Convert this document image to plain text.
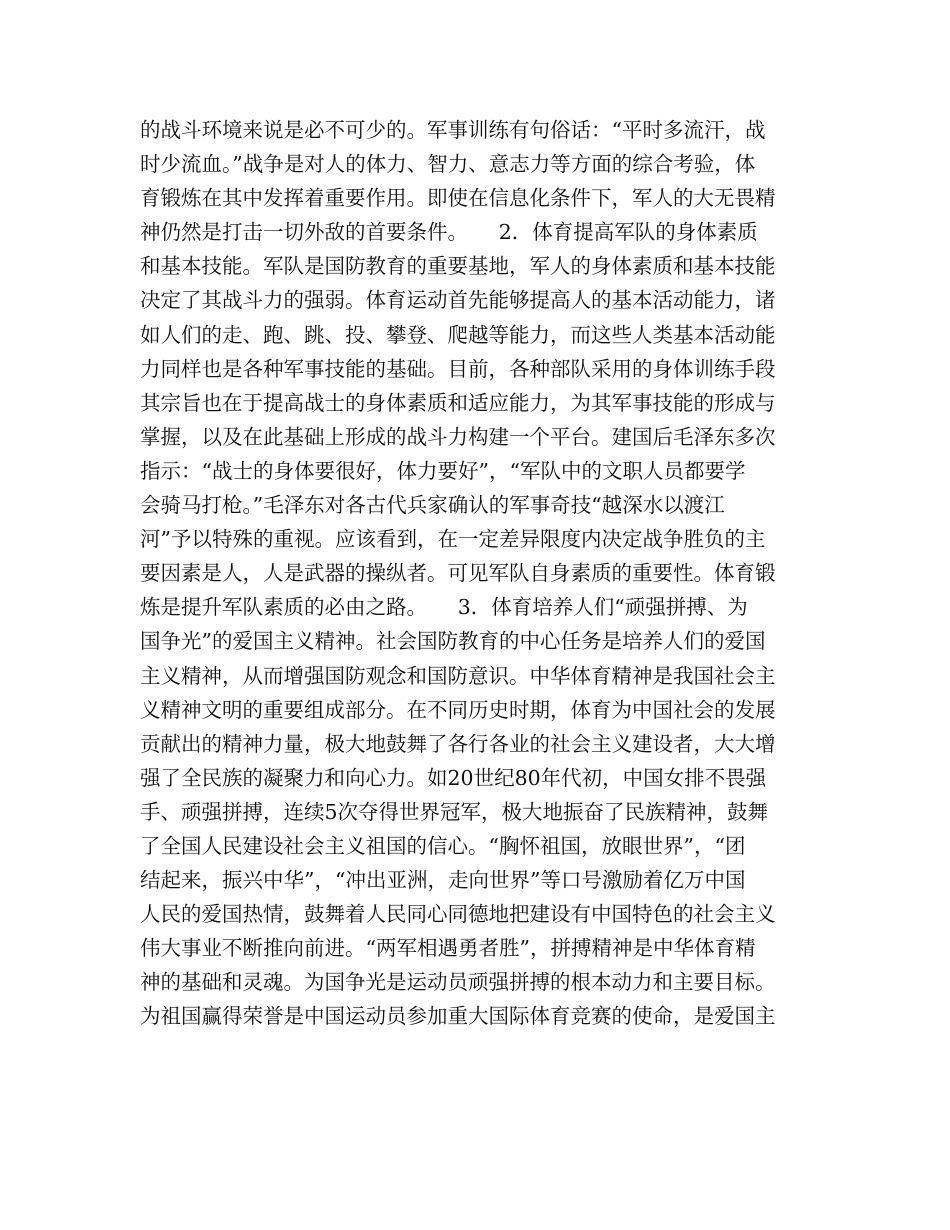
的战斗环境来说是必不可少的。军事训练有句俗话：“平时多流汗，战
时少流血。”战争是对人的体力、智力、意志力等方面的综合考验，体
育锻炼在其中发挥着重要作用。即使在信息化条件下，军人的大无畏精
神仍然是打击一切外敌的首要条件。　　2．体育提高军队的身体素质
和基本技能。军队是国防教育的重要基地，军人的身体素质和基本技能
决定了其战斗力的强弱。体育运动首先能够提高人的基本活动能力，诸
如人们的走、跑、跳、投、攀登、爬越等能力，而这些人类基本活动能
力同样也是各种军事技能的基础。目前，各种部队采用的身体训练手段
其宗旨也在于提高战士的身体素质和适应能力，为其军事技能的形成与
掌握，以及在此基础上形成的战斗力构建一个平台。建国后毛泽东多次
指示：“战士的身体要很好，体力要好”，“军队中的文职人员都要学
会骑马打枪。”毛泽东对各古代兵家确认的军事奇技“越深水以渡江
河”予以特殊的重视。应该看到，在一定差异限度内决定战争胜负的主
要因素是人，人是武器的操纵者。可见军队自身素质的重要性。体育锻
炼是提升军队素质的必由之路。　　3．体育培养人们“顽强拼搏、为
国争光”的爱国主义精神。社会国防教育的中心任务是培养人们的爱国
主义精神，从而增强国防观念和国防意识。中华体育精神是我国社会主
义精神文明的重要组成部分。在不同历史时期，体育为中国社会的发展
贡献出的精神力量，极大地鼓舞了各行各业的社会主义建设者，大大增
强了全民族的凝聚力和向心力。如20世纪80年代初，中国女排不畏强
手、顽强拼搏，连续5次夺得世界冠军，极大地振奋了民族精神，鼓舞
了全国人民建设社会主义祖国的信心。“胸怀祖国，放眼世界”，“团
结起来，振兴中华”，“冲出亚洲，走向世界”等口号激励着亿万中国
人民的爱国热情，鼓舞着人民同心同德地把建设有中国特色的社会主义
伟大事业不断推向前进。“两军相遇勇者胜”，拼搏精神是中华体育精
神的基础和灵魂。为国争光是运动员顽强拼搏的根本动力和主要目标。
为祖国赢得荣誉是中国运动员参加重大国际体育竞赛的使命，是爱国主
